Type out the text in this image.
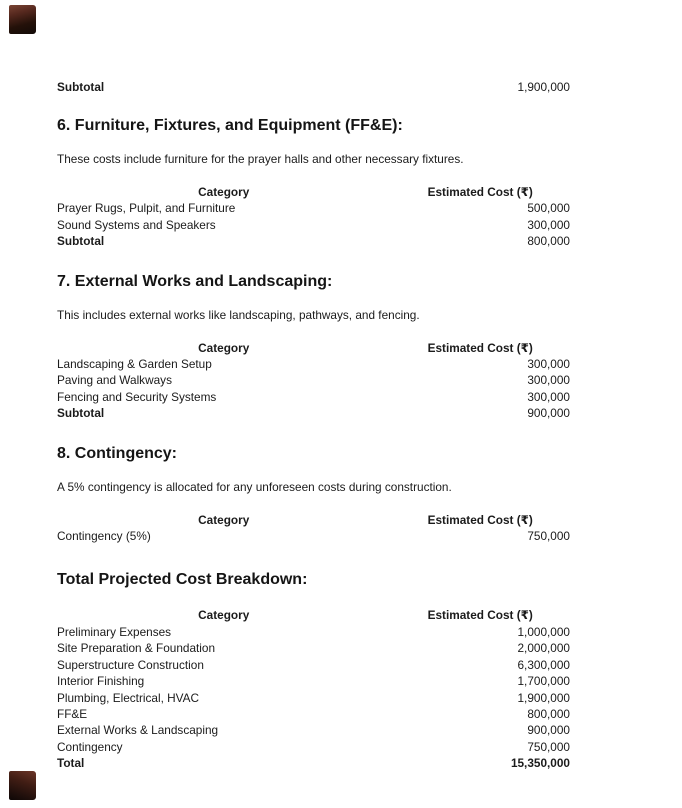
Subtotal	1,900,000
6. Furniture, Fixtures, and Equipment (FF&E):

These costs include furniture for the prayer halls and other necessary fixtures.

Category	Estimated Cost (₹)
Prayer Rugs, Pulpit, and Furniture	500,000
Sound Systems and Speakers	300,000
Subtotal	800,000
7. External Works and Landscaping:

This includes external works like landscaping, pathways, and fencing.

Category	Estimated Cost (₹)
Landscaping & Garden Setup	300,000
Paving and Walkways	300,000
Fencing and Security Systems	300,000
Subtotal	900,000
8. Contingency:

A 5% contingency is allocated for any unforeseen costs during construction.

Category	Estimated Cost (₹)
Contingency (5%)	750,000
Total Projected Cost Breakdown:
Category	Estimated Cost (₹)
Preliminary Expenses	1,000,000
Site Preparation & Foundation	2,000,000
Superstructure Construction	6,300,000
Interior Finishing	1,700,000
Plumbing, Electrical, HVAC	1,900,000
FF&E	800,000
External Works & Landscaping	900,000
Contingency	750,000
Total	15,350,000
